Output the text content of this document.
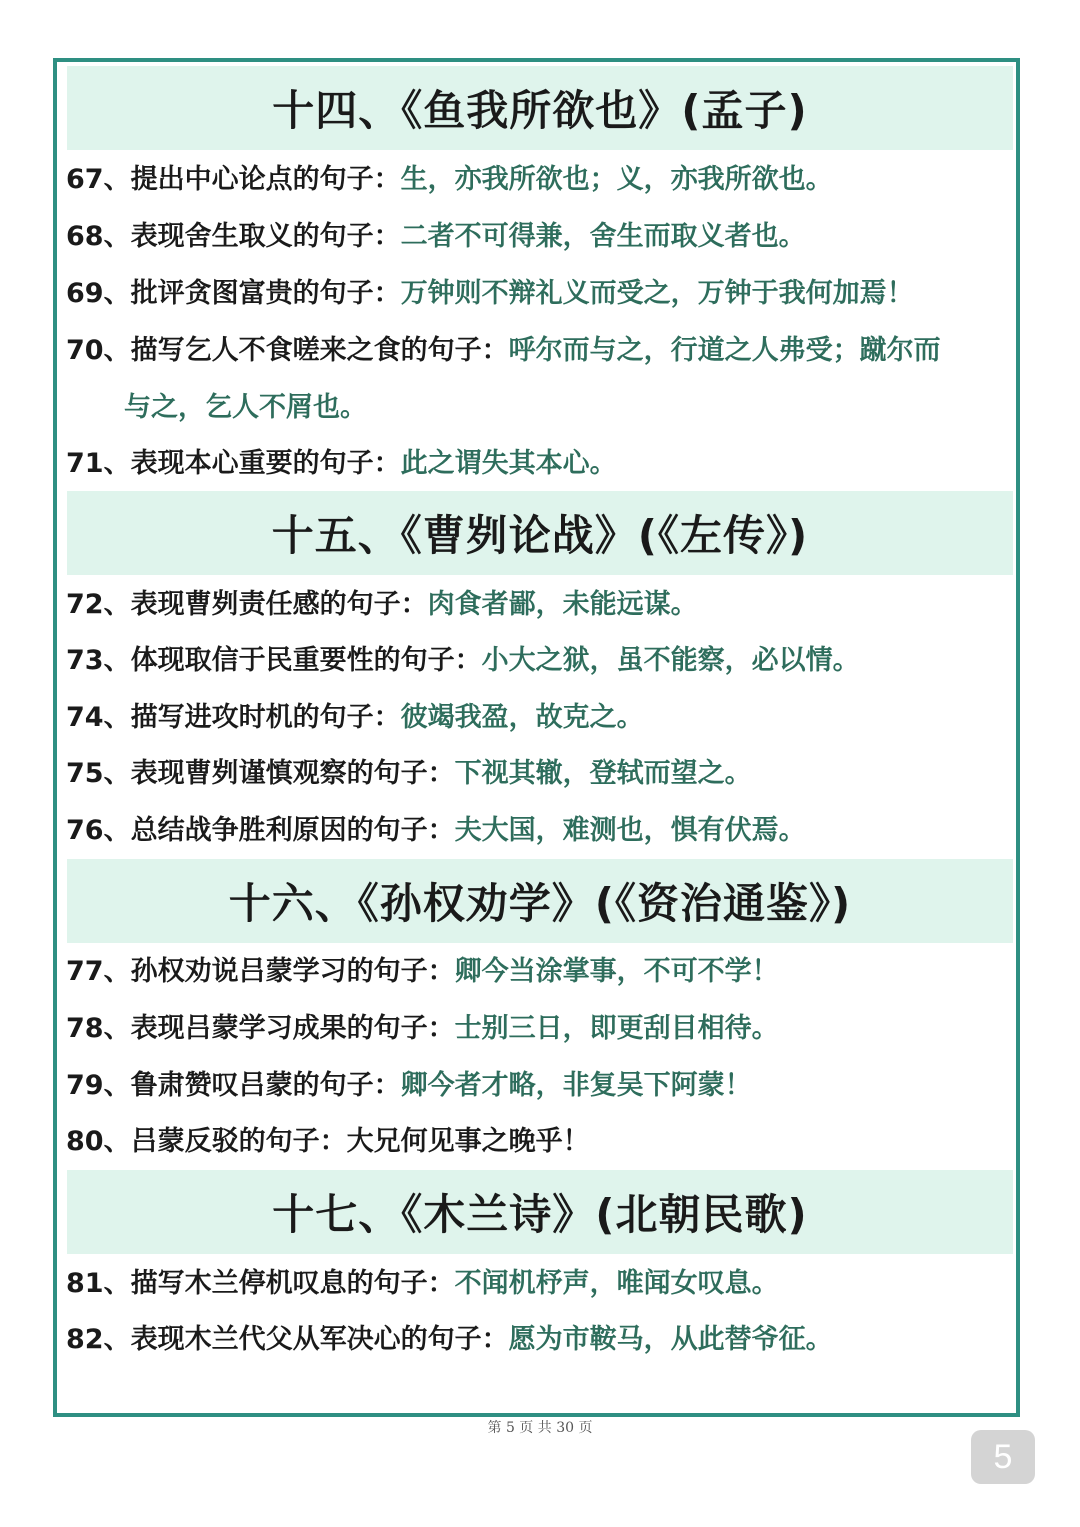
十四、《鱼我所欲也》(孟子)
67、提出中心论点的句子：生，亦我所欲也；义，亦我所欲也。
68、表现舍生取义的句子：二者不可得兼，舍生而取义者也。
69、批评贪图富贵的句子：万钟则不辩礼义而受之，万钟于我何加焉！
70、描写乞人不食嗟来之食的句子：呼尔而与之，行道之人弗受；蹴尔而
与之，乞人不屑也。
71、表现本心重要的句子：此之谓失其本心。
十五、《曹刿论战》(《左传》)
72、表现曹刿责任感的句子：肉食者鄙，未能远谋。
73、体现取信于民重要性的句子：小大之狱，虽不能察，必以情。
74、描写进攻时机的句子：彼竭我盈，故克之。
75、表现曹刿谨慎观察的句子：下视其辙，登轼而望之。
76、总结战争胜利原因的句子：夫大国，难测也，惧有伏焉。
十六、《孙权劝学》(《资治通鉴》)
77、孙权劝说吕蒙学习的句子：卿今当涂掌事，不可不学！
78、表现吕蒙学习成果的句子：士别三日，即更刮目相待。
79、鲁肃赞叹吕蒙的句子：卿今者才略，非复吴下阿蒙！
80、吕蒙反驳的句子：大兄何见事之晚乎！
十七、《木兰诗》(北朝民歌)
81、描写木兰停机叹息的句子：不闻机杼声，唯闻女叹息。
82、表现木兰代父从军决心的句子：愿为市鞍马，从此替爷征。
第 5 页 共 30 页
5
